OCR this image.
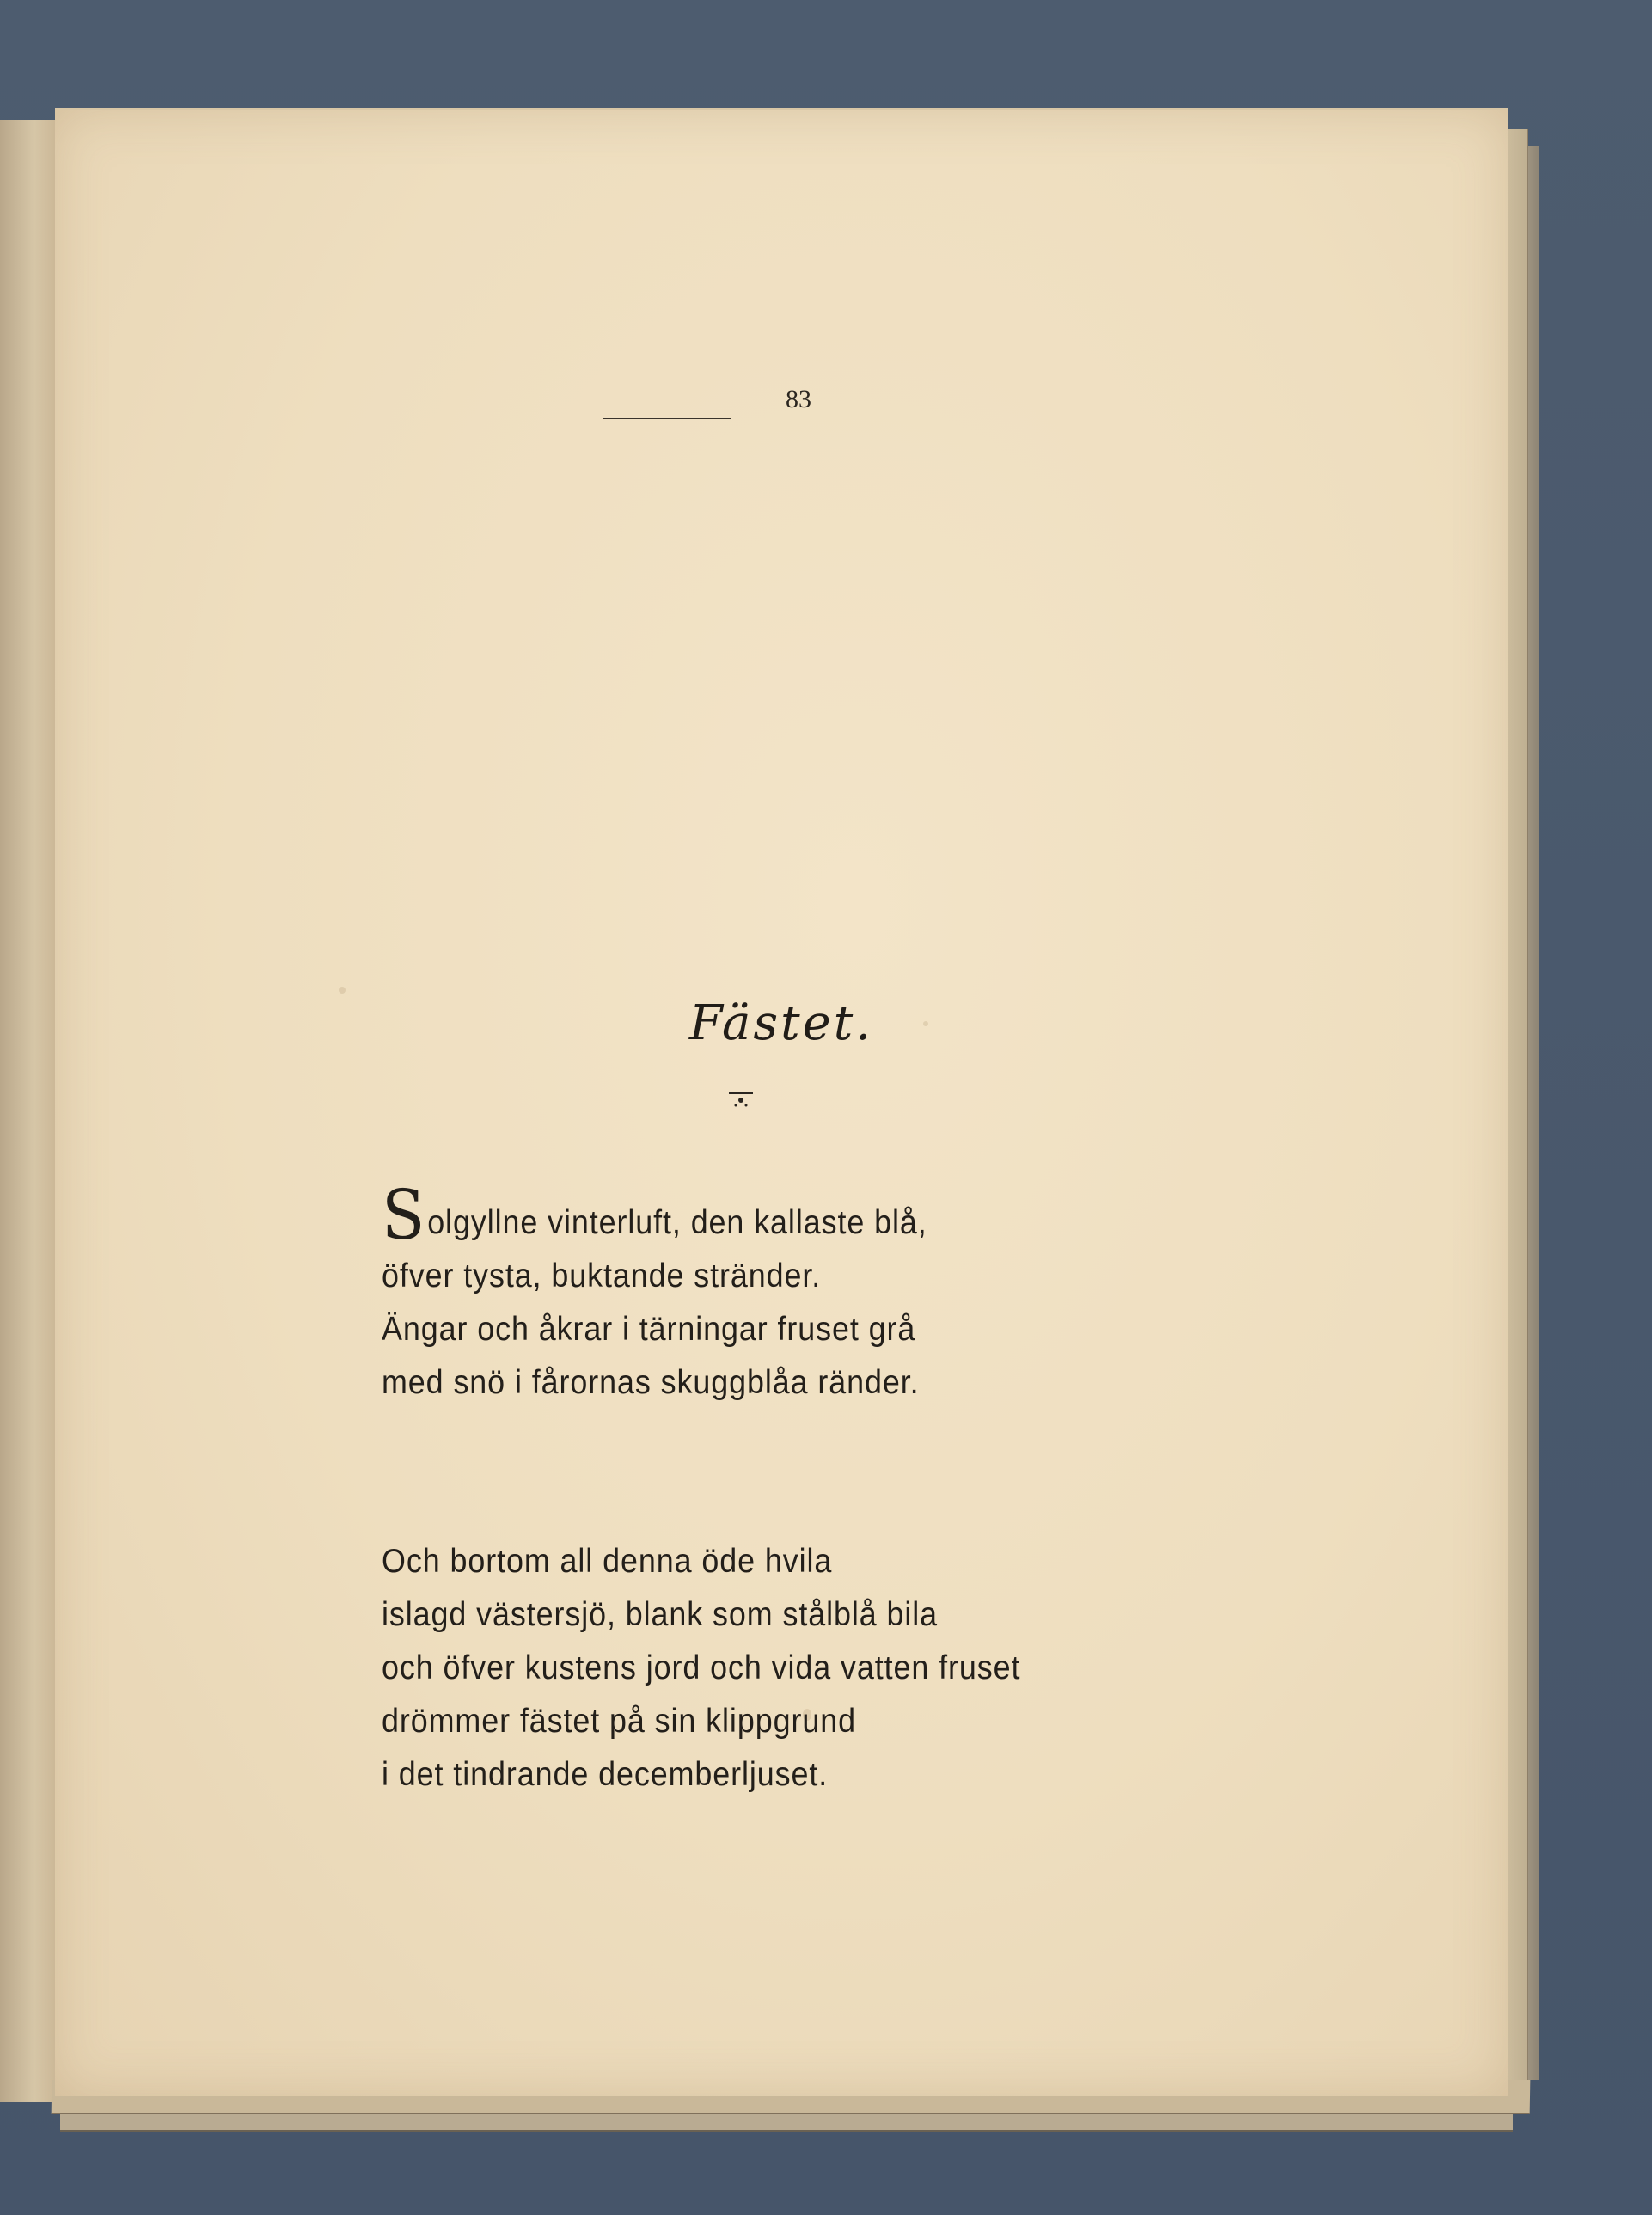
83
Fästet.
Solgyllne vinterluft, den kallaste blå,
öfver tysta, buktande stränder.
Ängar och åkrar i tärningar fruset grå
med snö i fårornas skuggblåa ränder.
Och bortom all denna öde hvila
islagd västersjö, blank som stålblå bila
och öfver kustens jord och vida vatten fruset
drömmer fästet på sin klippgrund
i det tindrande decemberljuset.
